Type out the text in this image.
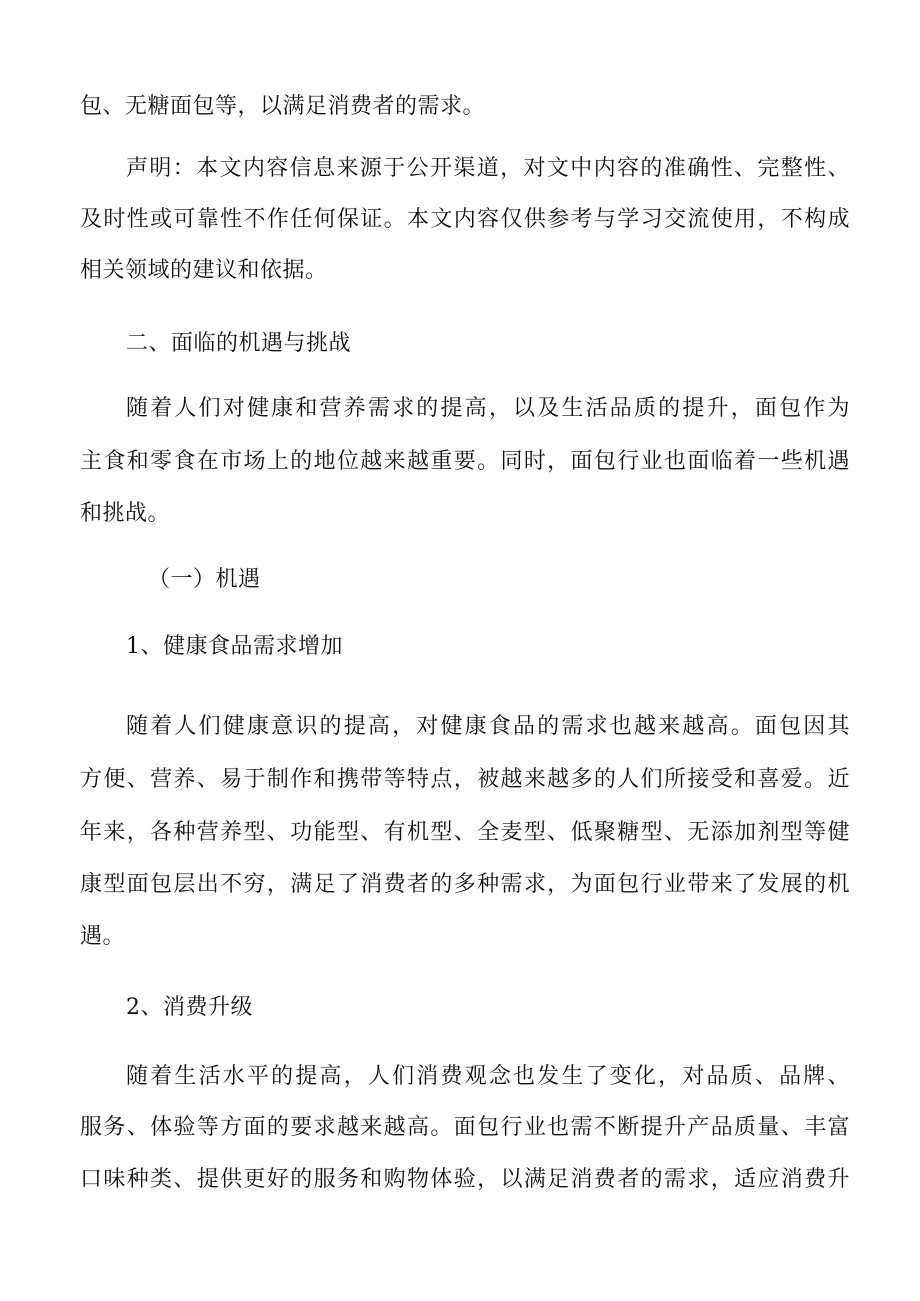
包、无糖面包等，以满足消费者的需求。
声明：本文内容信息来源于公开渠道，对文中内容的准确性、完整性、
及时性或可靠性不作任何保证。本文内容仅供参考与学习交流使用，不构成
相关领域的建议和依据。
二、面临的机遇与挑战
随着人们对健康和营养需求的提高，以及生活品质的提升，面包作为
主食和零食在市场上的地位越来越重要。同时，面包行业也面临着一些机遇
和挑战。
（一）机遇
1、健康食品需求增加
随着人们健康意识的提高，对健康食品的需求也越来越高。面包因其
方便、营养、易于制作和携带等特点，被越来越多的人们所接受和喜爱。近
年来，各种营养型、功能型、有机型、全麦型、低聚糖型、无添加剂型等健
康型面包层出不穷，满足了消费者的多种需求，为面包行业带来了发展的机
遇。
2、消费升级
随着生活水平的提高，人们消费观念也发生了变化，对品质、品牌、
服务、体验等方面的要求越来越高。面包行业也需不断提升产品质量、丰富
口味种类、提供更好的服务和购物体验，以满足消费者的需求，适应消费升
